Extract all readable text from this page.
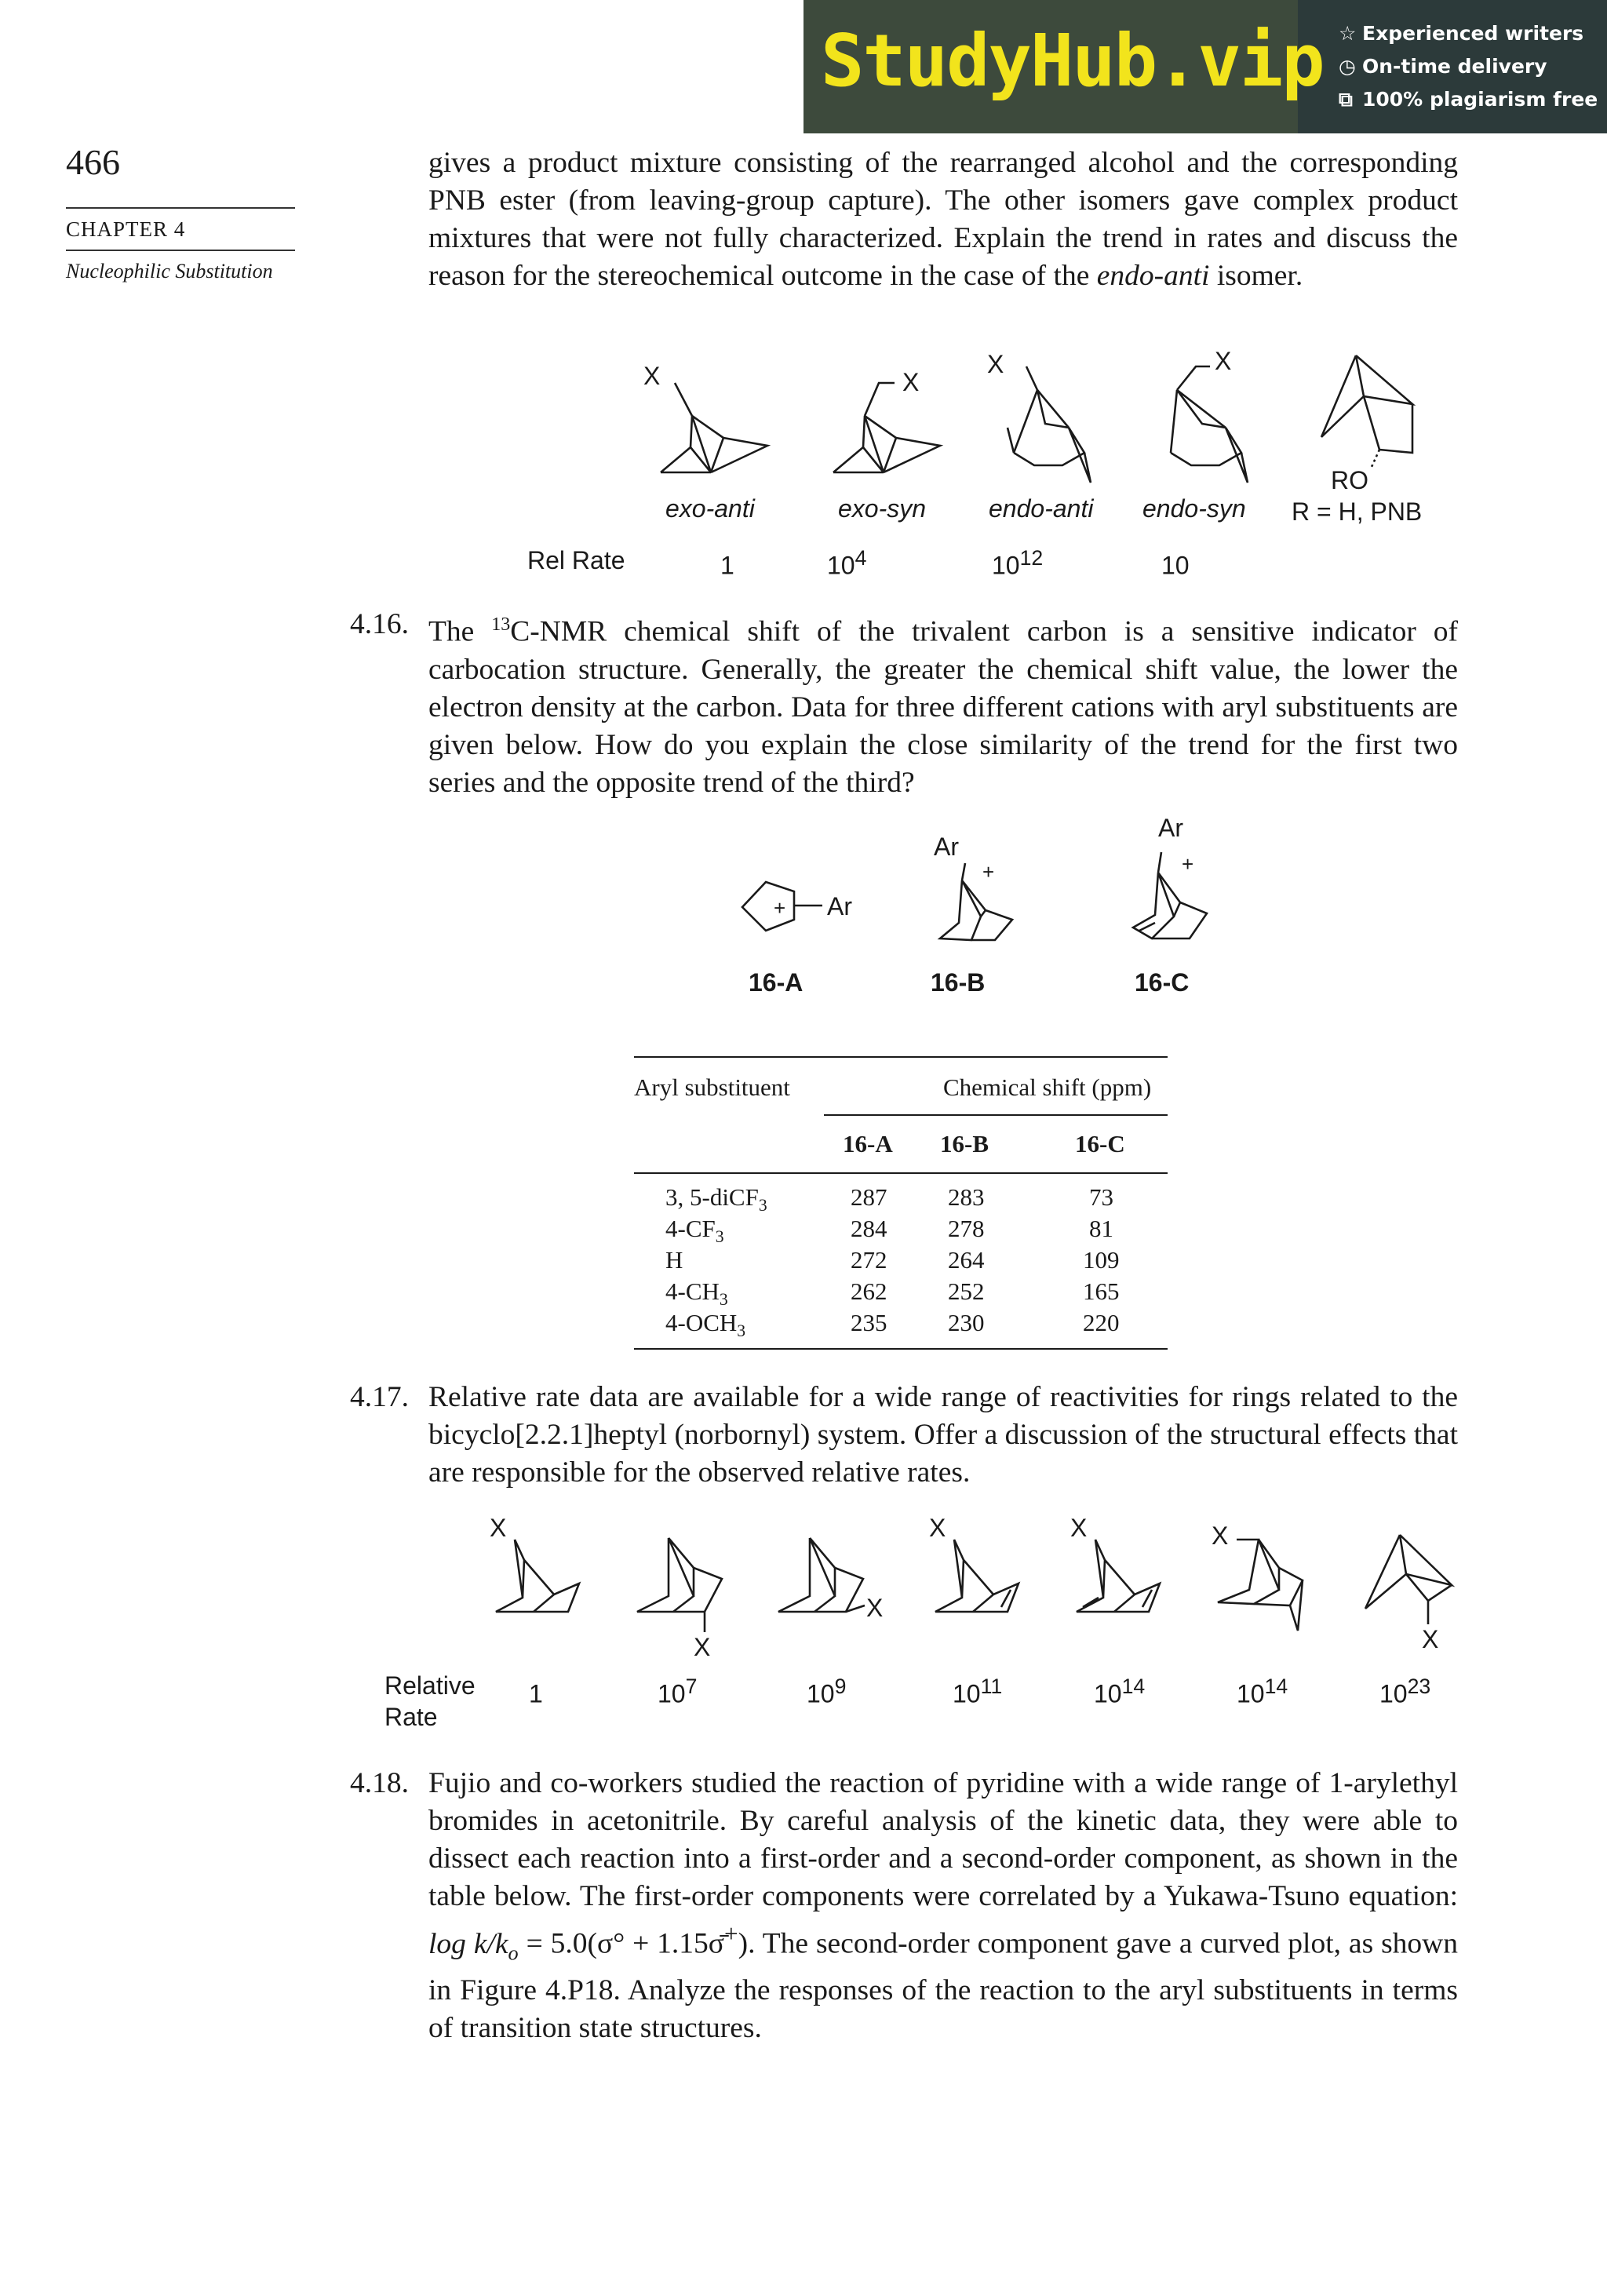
StudyHub.vip ☆ Experienced writers
◷ On-time delivery
⧉ 100% plagiarism free
466
CHAPTER 4
Nucleophilic Substitution
gives a product mixture consisting of the rearranged alcohol and the corresponding PNB ester (from leaving-group capture). The other isomers gave complex product mixtures that were not fully characterized. Explain the trend in rates and discuss the reason for the stereochemical outcome in the case of the endo-anti isomer.
X	X
X	X
RO
R = H, PNB
exo-anti	exo-syn endo-anti endo-syn
Rel Rate	1	$10^4$	$10^{12}$	10
4.16. The $^{13}$C-NMR chemical shift of the trivalent carbon is a sensitive indicator of carbocation structure. Generally, the greater the chemical shift value, the lower the electron density at the carbon. Data for three different cations with aryl substituents are given below. How do you explain the close similarity of the trend for the first two series and the opposite trend of the third?
+ Ar
Ar
+
Ar
+
16-A	16-B	16-C
Aryl substituent	Chemical shift (ppm)
16-A 16-B	16-C
3, 5-diCF$_3$	287	283	73
$4-CF_3$	284	278	81
H	272	264	109
$4-CH_3$	262	252	165
$4-OCH_3$	235	230	220
4.17. Relative rate data are available for a wide range of reactivities for rings related to the bicyclo[2.2.1]heptyl (norbornyl) system. Offer a discussion of the structural effects that are responsible for the observed relative rates.
X
X
X
X	X	X
X
Relative
Rate
1	$10^7$	$10^9$	$10^{11}$	$10^{14}$	$10^{14}$	$10^{23}$
4.18. Fujio and co-workers studied the reaction of pyridine with a wide range of 1-arylethyl bromides in acetonitrile. By careful analysis of the kinetic data, they were able to dissect each reaction into a first-order and a second-order component, as shown in the table below. The first-order components were correlated by a Yukawa-Tsuno equation: $\log k/k_o = 5.0(\sigma^\circ$ + 1.15σ̄+). The second-order component gave a curved plot, as shown in Figure 4.P18. Analyze the responses of the reaction to the aryl substituents in terms of transition state structures.
